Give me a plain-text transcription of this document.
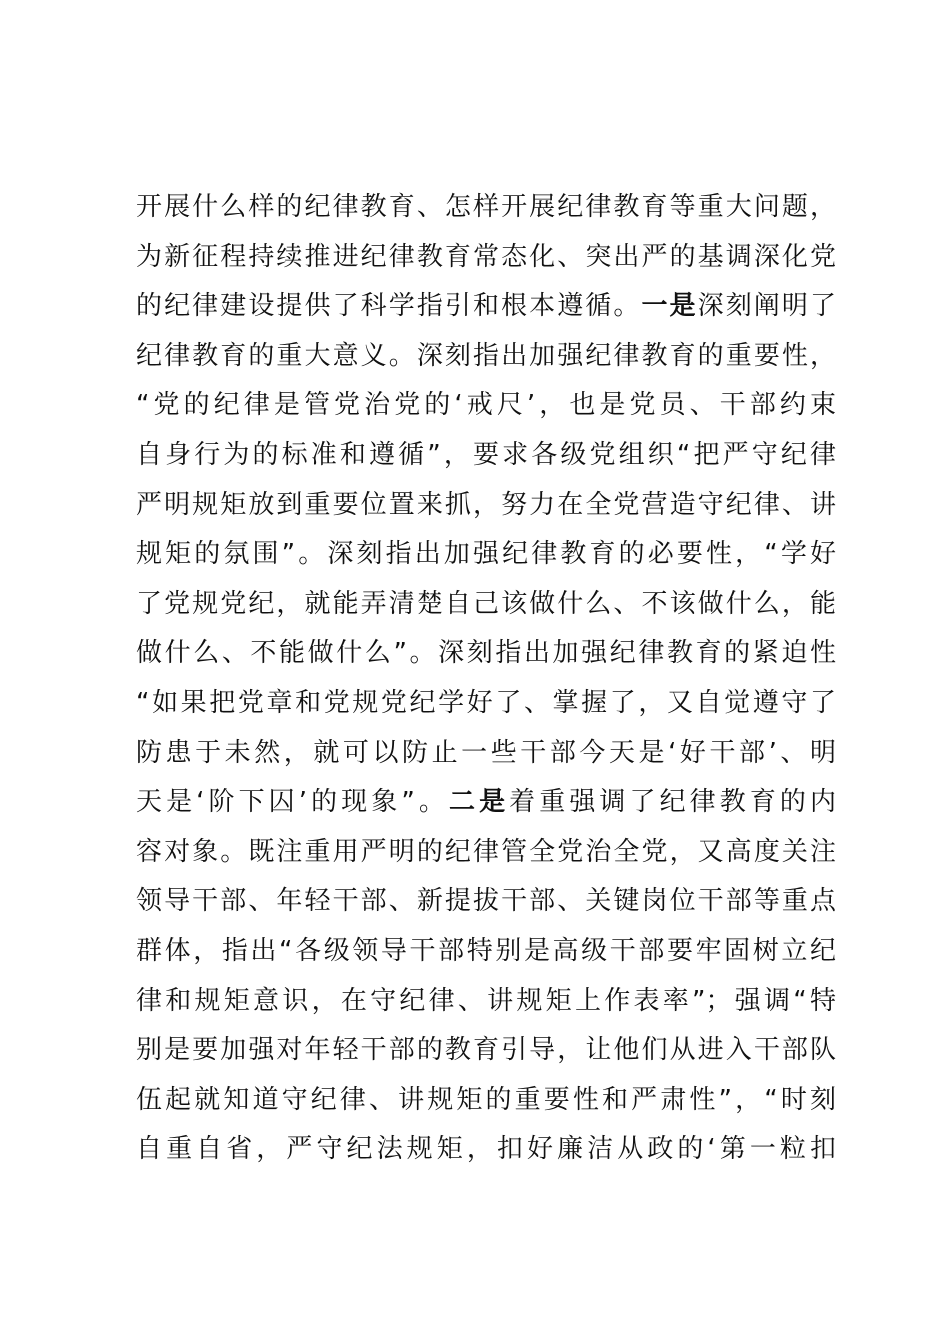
开展什么样的纪律教育、怎样开展纪律教育等重大问题，
为新征程持续推进纪律教育常态化、突出严的基调深化党
的纪律建设提供了科学指引和根本遵循。一是深刻阐明了
纪律教育的重大意义。深刻指出加强纪律教育的重要性，
“党的纪律是管党治党的‘戒尺’，也是党员、干部约束
自身行为的标准和遵循”，要求各级党组织“把严守纪律
严明规矩放到重要位置来抓，努力在全党营造守纪律、讲
规矩的氛围”。深刻指出加强纪律教育的必要性，“学好
了党规党纪，就能弄清楚自己该做什么、不该做什么，能
做什么、不能做什么”。深刻指出加强纪律教育的紧迫性
“如果把党章和党规党纪学好了、掌握了，又自觉遵守了
防患于未然，就可以防止一些干部今天是‘好干部’、明
天是‘阶下囚’的现象”。二是着重强调了纪律教育的内
容对象。既注重用严明的纪律管全党治全党，又高度关注
领导干部、年轻干部、新提拔干部、关键岗位干部等重点
群体，指出“各级领导干部特别是高级干部要牢固树立纪
律和规矩意识，在守纪律、讲规矩上作表率”；强调“特
别是要加强对年轻干部的教育引导，让他们从进入干部队
伍起就知道守纪律、讲规矩的重要性和严肃性”，“时刻
自重自省，严守纪法规矩，扣好廉洁从政的‘第一粒扣
